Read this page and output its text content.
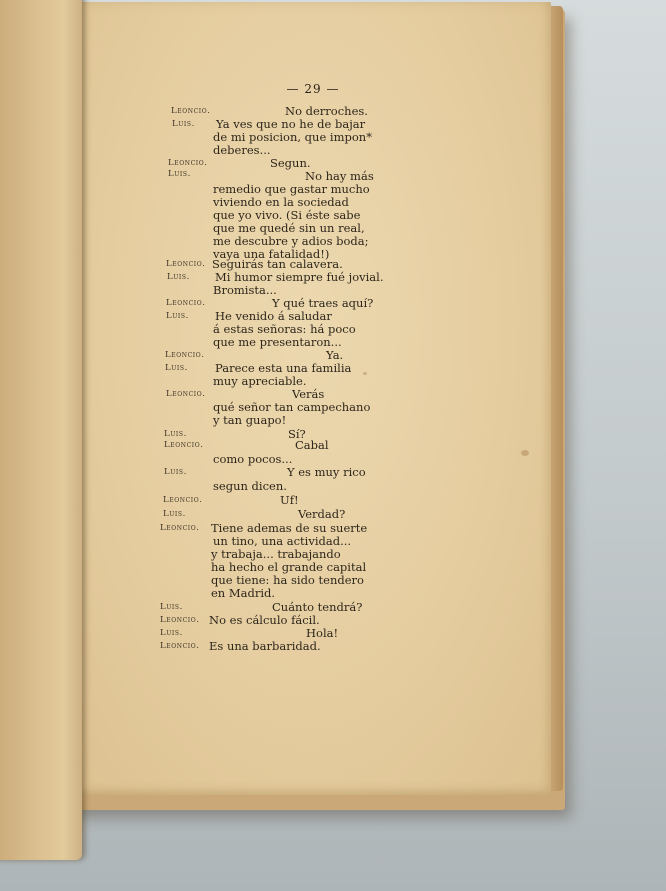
— 29 —
Leoncio.	No derroches.
Luis. Ya ves que no he de bajar
de mi posicion, que impon*
deberes...
Leoncio.	Segun.
Luis.	No hay más
remedio que gastar mucho
viviendo en la sociedad
que yo vivo. (Si éste sabe
que me quedé sin un real,
me descubre y adios boda;
vaya una fatalidad!)
Leoncio. Seguirás tan calavera.
Luis. Mi humor siempre fué jovial.
Bromista...
Leoncio.	Y qué traes aquí?
Luis. He venido á saludar
á estas señoras: há poco
que me presentaron...
Leoncio.	Ya.
Luis. Parece esta una familia
muy apreciable.
Leoncio.	Verás
qué señor tan campechano
y tan guapo!
Luis.	Sí?
Leoncio.	Cabal
como pocos...
Luis.	Y es muy rico
segun dicen.
Leoncio.	Uf!
Luis.	Verdad?
Leoncio. Tiene ademas de su suerte
un tino, una actividad...
y trabaja... trabajando
ha hecho el grande capital
que tiene: ha sido tendero
en Madrid.
Luis.	Cuánto tendrá?
Leoncio. No es cálculo fácil.
Luis.	Hola!
Leoncio. Es una barbaridad.
